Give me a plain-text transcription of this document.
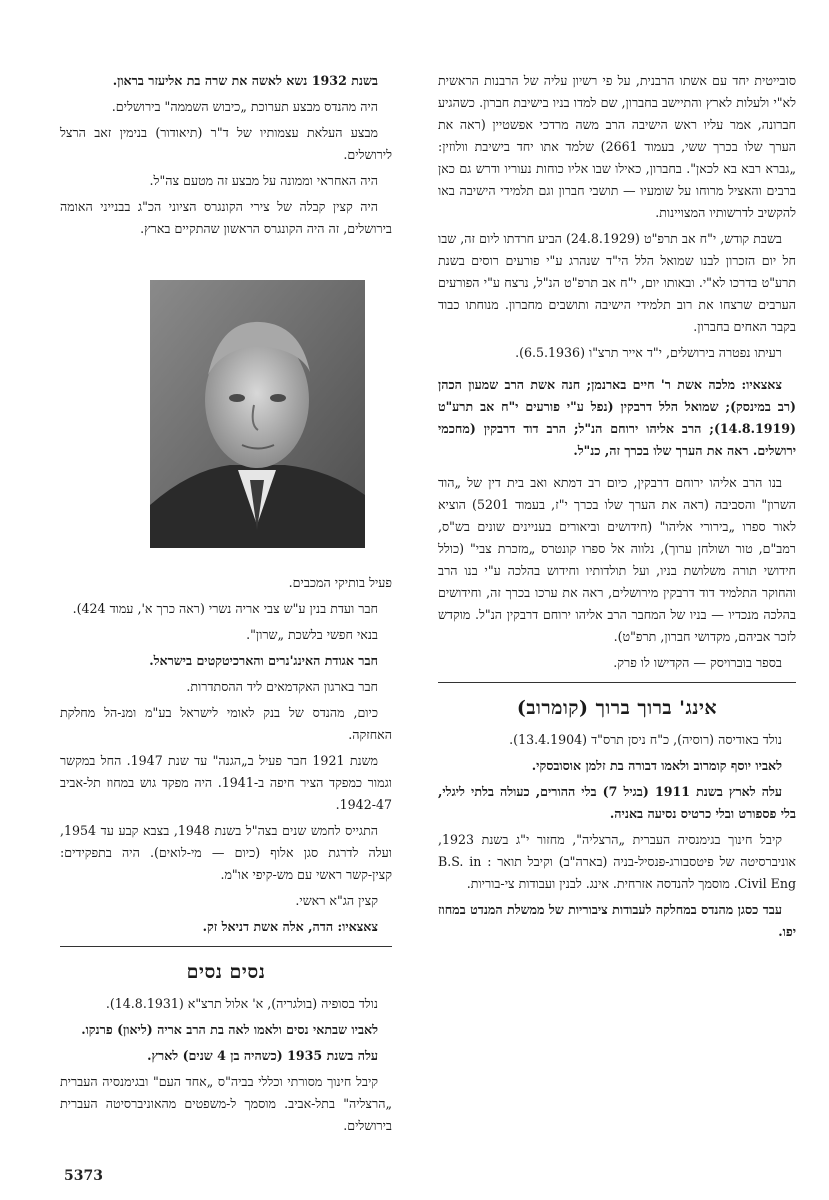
סובייטית יחד עם אשתו הרבנית, על פי רשיון עליה של הרבנות הראשית לא"י ולעלות לארץ והתיישב בחברון, שם למדו בניו בישיבת חברון. כשהגיע חברונה, אמר עליו ראש הישיבה הרב משה מרדכי אפשטיין (ראה את הערך שלו בכרך ששי, בעמוד 2661) שלמד אתו יחד בישיבת וולוזין: „גברא רבא בא לכאן". בחברון, כאילו שבו אליו כוחות נעוריו ודרש גם כאן ברבים והאציל מרוחו על שומעיו — תושבי חברון וגם תלמידי הישיבה באו להקשיב לדרשותיו המצויינות.

בשבת קודש, י"ח אב תרפ"ט (24.8.1929) הביע חרדתו ליום זה, שבו חל יום הזכרון לבנו שמואל הלל הי"ד שנהרג ע"י פורעים רוסים בשנת תרע"ט בדרכו לא"י. ובאותו יום, י"ח אב תרפ"ט הנ"ל, נרצח ע"י הפורעים הערבים שרצחו את רוב תלמידי הישיבה ותושבים מחברון. מנוחתו כבוד בקבר האחים בחברון.

רעיתו נפטרה בירושלים, י"ד אייר תרצ"ו (6.5.1936).

צאצאיו: מלכה אשת ר' חיים בארנמן; חנה אשת הרב שמעון הכהן (רב במינסק); שמואל הלל דרבקין (נפל ע"י פורעים י"ח אב תרע"ט (14.8.1919); הרב אליהו ירוחם הנ"ל; הרב דוד דרבקין (מחכמי ירושלים. ראה את הערך שלו בכרך זה, כנ"ל.

בנו הרב אליהו ירוחם דרבקין, כיום רב דמתא ואב בית דין של „הוד השרון" והסביבה (ראה את הערך שלו בכרך י"ז, בעמוד 5201) הוציא לאור ספרו „בירורי אליהו" (חידושים וביאורים בעניינים שונים בש"ס, רמב"ם, טור ושולחן ערוך), נלווה אל ספרו קונטרס „מזכרת צבי" (כולל חידושי תורה משלושת בניו, ועל תולדותיו וחידוש בהלכה ע"י בנו הרב והחוקר התלמיד דוד דרבקין מירושלים, ראה את ערכו בכרך זה, וחידושים בהלכה מנכדיו — בניו של המחבר הרב אליהו ירוחם דרבקין הנ"ל. מוקדש לזכר אביהם, מקדושי חברון, תרפ"ט).

בספר בוברויסק — הקדישו לו פרק.

אינג' ברוך ברוך (קומרוב)

נולד באודיסה (רוסיה), כ"ח ניסן תרס"ד (13.4.1904).

לאביו יוסף קומרוב ולאמו דבורה בת זלמן אוסובסקי.

עלה לארץ בשנת 1911 (בגיל 7) בלי ההורים, כעולה בלתי ליגלי, בלי פספורט ובלי כרטיס נסיעה באניה.

קיבל חינוך בגימנסיה העברית „הרצליה", מחזור י"ג בשנת 1923, אוניברסיטה של פיטסבורג-פנסיל-בניה (בארה"ב) וקיבל תואר : B.S. in Civil Eng. מוסמך להנדסה אזרחית. אינג. לבנין ועבודות צי-בוריות.

עבד כסגן מהנדס במחלקה לעבודות ציבוריות של ממשלת המנדט במחוז יפו.

בשנת 1932 נשא לאשה את שרה בת אליעזר בראון.

היה מהנדס מבצע תערוכת „כיבוש השממה" בירושלים.

מבצע העלאת עצמותיו של ד"ר (תיאודור) בנימין זאב הרצל לירושלים.

היה האחראי וממונה על מבצע זה מטעם צה"ל.

היה קצין קבלה של צירי הקונגרס הציוני הכ"ג בבנייני האומה בירושלים, זה היה הקונגרס הראשון שהתקיים בארץ.

פעיל בותיקי המכבים.

חבר ועדת בנין ע"ש צבי אריה נשרי (ראה כרך א', עמוד 424).

בנאי חפשי בלשכת „שרון".

חבר אגודת האינג'נרים והארכיטקטים בישראל.

חבר בארגון האקדמאים ליד ההסתדרות.

כיום, מהנדס של בנק לאומי לישראל בע"מ ומנ-הל מחלקת האחזקה.

משנת 1921 חבר פעיל ב„הגנה" עד שנת 1947. החל במקשר וגמור כמפקד הציר חיפה ב-1941. היה מפקד גוש במחוז תל-אביב 1942-47.

התגייס לחמש שנים בצה"ל בשנת 1948, בצבא קבע עד 1954, ועלה לדרגת סגן אלוף (כיום — מי-לואים). היה בתפקידים: קצין-קשר ראשי עם מש-קיפי או"מ.

קצין הג"א ראשי.

צאצאיו: הדה, אלה אשת דניאל זק.

נסים נסים

נולד בסופיה (בולגריה), א' אלול תרצ"א (14.8.1931).

לאביו שבתאי נסים ולאמו לאה בת הרב אריה (ליאון) פרנקו.

עלה בשנת 1935 (כשהיה בן 4 שנים) לארץ.

קיבל חינוך מסורתי וכללי בביה"ס „אחד העם" ובגימנסיה העברית „הרצליה" בתל-אביב. מוסמך ל-משפטים מהאוניברסיטה העברית בירושלים.

5373
